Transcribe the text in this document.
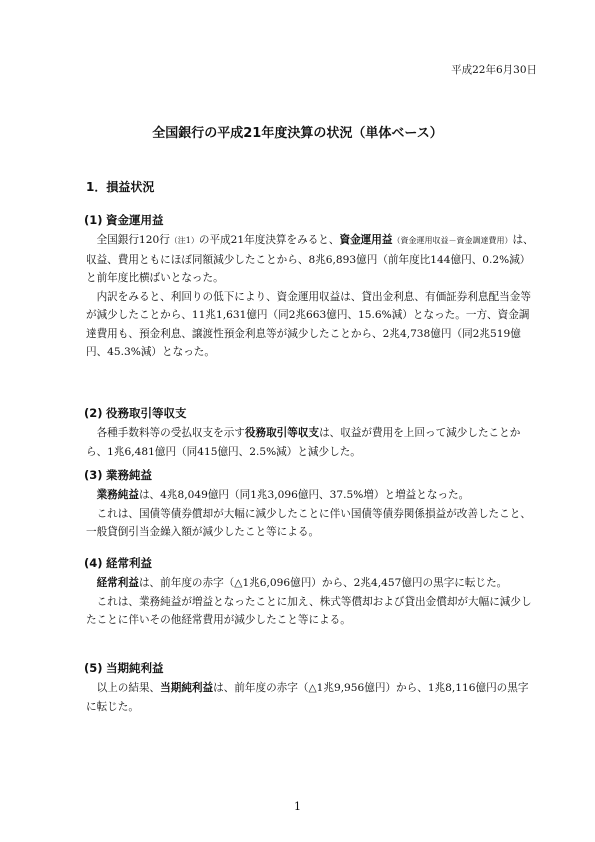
平成22年6月30日
全国銀行の平成21年度決算の状況（単体ベース）
1．損益状況
(1) 資金運用益

全国銀行120行（注1）の平成21年度決算をみると、資金運用益（資金運用収益－資金調達費用）は、収益、費用ともにほぼ同額減少したことから、8兆6,893億円（前年度比144億円、0.2%減）と前年度比横ばいとなった。

内訳をみると、利回りの低下により、資金運用収益は、貸出金利息、有価証券利息配当金等が減少したことから、11兆1,631億円（同2兆663億円、15.6%減）となった。一方、資金調達費用も、預金利息、譲渡性預金利息等が減少したことから、2兆4,738億円（同2兆519億円、45.3%減）となった。

(2) 役務取引等収支

各種手数料等の受払収支を示す役務取引等収支は、収益が費用を上回って減少したことから、1兆6,481億円（同415億円、2.5%減）と減少した。

(3) 業務純益

業務純益は、4兆8,049億円（同1兆3,096億円、37.5%増）と増益となった。

これは、国債等債券償却が大幅に減少したことに伴い国債等債券関係損益が改善したこと、一般貸倒引当金繰入額が減少したこと等による。

(4) 経常利益

経常利益は、前年度の赤字（△1兆6,096億円）から、2兆4,457億円の黒字に転じた。

これは、業務純益が増益となったことに加え、株式等償却および貸出金償却が大幅に減少したことに伴いその他経常費用が減少したこと等による。

(5) 当期純利益

以上の結果、当期純利益は、前年度の赤字（△1兆9,956億円）から、1兆8,116億円の黒字に転じた。

1
